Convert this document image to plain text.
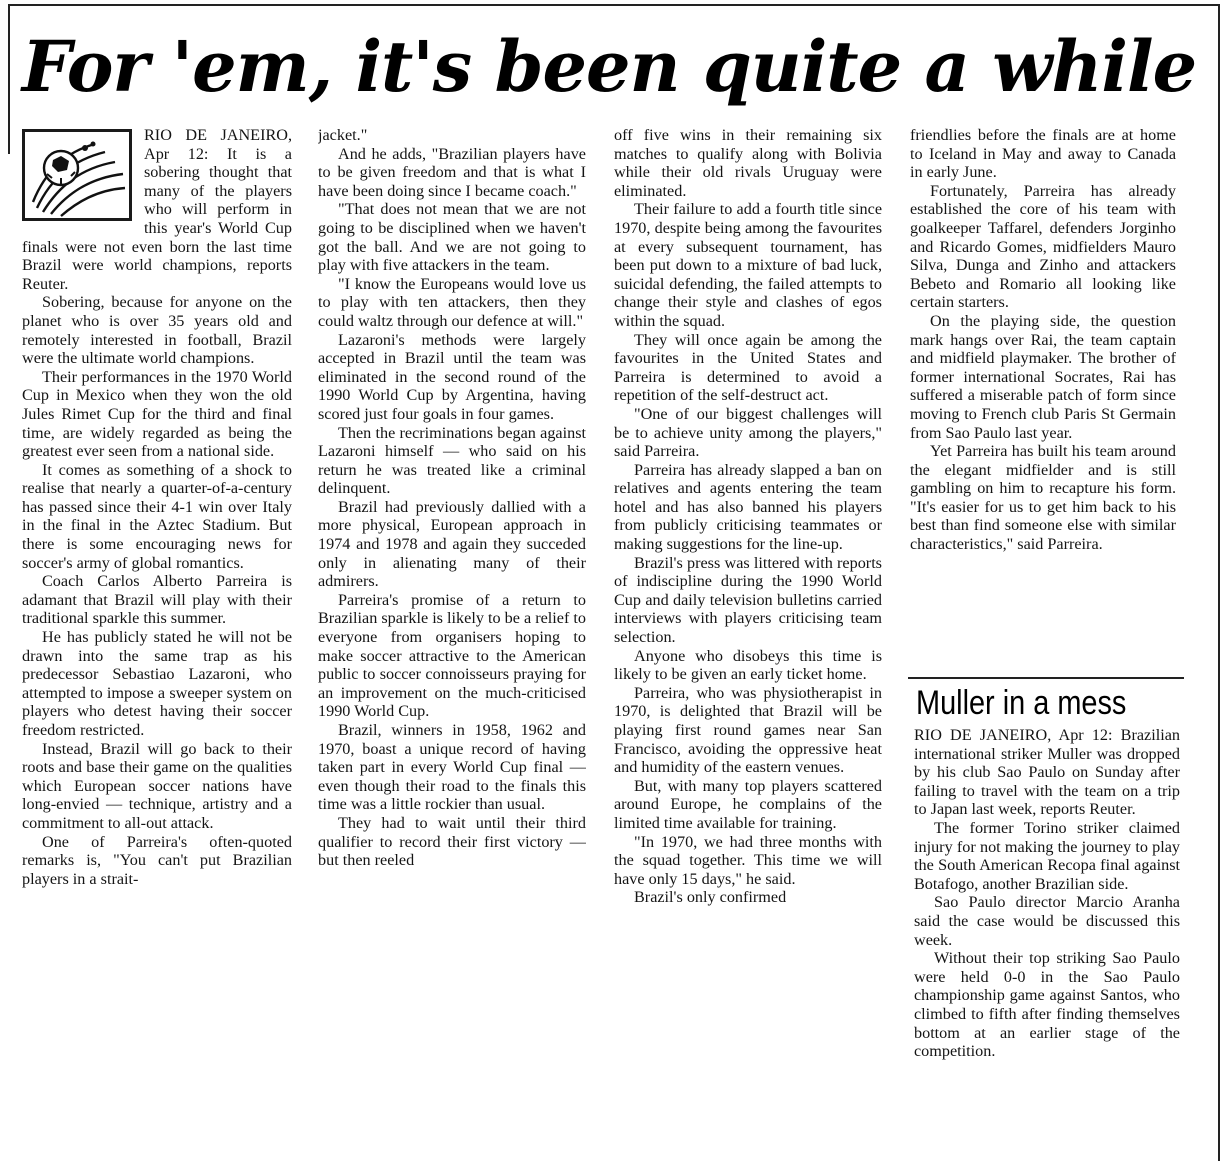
For 'em, it's been quite a while

RIO DE JANEIRO, Apr 12: It is a sobering thought that many of the players who will perform in this year's World Cup finals were not even born the last time Brazil were world champions, reports Reuter.

Sobering, because for anyone on the planet who is over 35 years old and remotely interested in football, Brazil were the ultimate world champions.

Their performances in the 1970 World Cup in Mexico when they won the old Jules Rimet Cup for the third and final time, are widely regarded as being the greatest ever seen from a national side.

It comes as something of a shock to realise that nearly a quarter-of-a-century has passed since their 4-1 win over Italy in the final in the Aztec Stadium. But there is some encouraging news for soccer's army of global romantics.

Coach Carlos Alberto Parreira is adamant that Brazil will play with their traditional sparkle this summer.

He has publicly stated he will not be drawn into the same trap as his predecessor Sebastiao Lazaroni, who attempted to impose a sweeper system on players who detest having their soccer freedom restricted.

Instead, Brazil will go back to their roots and base their game on the qualities which European soccer nations have long-envied — technique, artistry and a commitment to all-out attack.

One of Parreira's often-quoted remarks is, "You can't put Brazilian players in a strait-

jacket."

And he adds, "Brazilian players have to be given freedom and that is what I have been doing since I became coach."

"That does not mean that we are not going to be disciplined when we haven't got the ball. And we are not going to play with five attackers in the team.

"I know the Europeans would love us to play with ten attackers, then they could waltz through our defence at will."

Lazaroni's methods were largely accepted in Brazil until the team was eliminated in the second round of the 1990 World Cup by Argentina, having scored just four goals in four games.

Then the recriminations began against Lazaroni himself — who said on his return he was treated like a criminal delinquent.

Brazil had previously dallied with a more physical, European approach in 1974 and 1978 and again they succeded only in alienating many of their admirers.

Parreira's promise of a return to Brazilian sparkle is likely to be a relief to everyone from organisers hoping to make soccer attractive to the American public to soccer connoisseurs praying for an improvement on the much-criticised 1990 World Cup.

Brazil, winners in 1958, 1962 and 1970, boast a unique record of having taken part in every World Cup final — even though their road to the finals this time was a little rockier than usual.

They had to wait until their third qualifier to record their first victory — but then reeled

off five wins in their remaining six matches to qualify along with Bolivia while their old rivals Uruguay were eliminated.

Their failure to add a fourth title since 1970, despite being among the favourites at every subsequent tournament, has been put down to a mixture of bad luck, suicidal defending, the failed attempts to change their style and clashes of egos within the squad.

They will once again be among the favourites in the United States and Parreira is determined to avoid a repetition of the self-destruct act.

"One of our biggest challenges will be to achieve unity among the players," said Parreira.

Parreira has already slapped a ban on relatives and agents entering the team hotel and has also banned his players from publicly criticising teammates or making suggestions for the line-up.

Brazil's press was littered with reports of indiscipline during the 1990 World Cup and daily television bulletins carried interviews with players criticising team selection.

Anyone who disobeys this time is likely to be given an early ticket home.

Parreira, who was physiotherapist in 1970, is delighted that Brazil will be playing first round games near San Francisco, avoiding the oppressive heat and humidity of the eastern venues.

But, with many top players scattered around Europe, he complains of the limited time available for training.

"In 1970, we had three months with the squad together. This time we will have only 15 days," he said.

Brazil's only confirmed

friendlies before the finals are at home to Iceland in May and away to Canada in early June.

Fortunately, Parreira has already established the core of his team with goalkeeper Taffarel, defenders Jorginho and Ricardo Gomes, midfielders Mauro Silva, Dunga and Zinho and attackers Bebeto and Romario all looking like certain starters.

On the playing side, the question mark hangs over Rai, the team captain and midfield playmaker. The brother of former international Socrates, Rai has suffered a miserable patch of form since moving to French club Paris St Germain from Sao Paulo last year.

Yet Parreira has built his team around the elegant midfielder and is still gambling on him to recapture his form. "It's easier for us to get him back to his best than find someone else with similar characteristics," said Parreira.

Muller in a mess

RIO DE JANEIRO, Apr 12: Brazilian international striker Muller was dropped by his club Sao Paulo on Sunday after failing to travel with the team on a trip to Japan last week, reports Reuter.

The former Torino striker claimed injury for not making the journey to play the South American Recopa final against Botafogo, another Brazilian side.

Sao Paulo director Marcio Aranha said the case would be discussed this week.

Without their top striking Sao Paulo were held 0-0 in the Sao Paulo championship game against Santos, who climbed to fifth after finding themselves bottom at an earlier stage of the competition.
